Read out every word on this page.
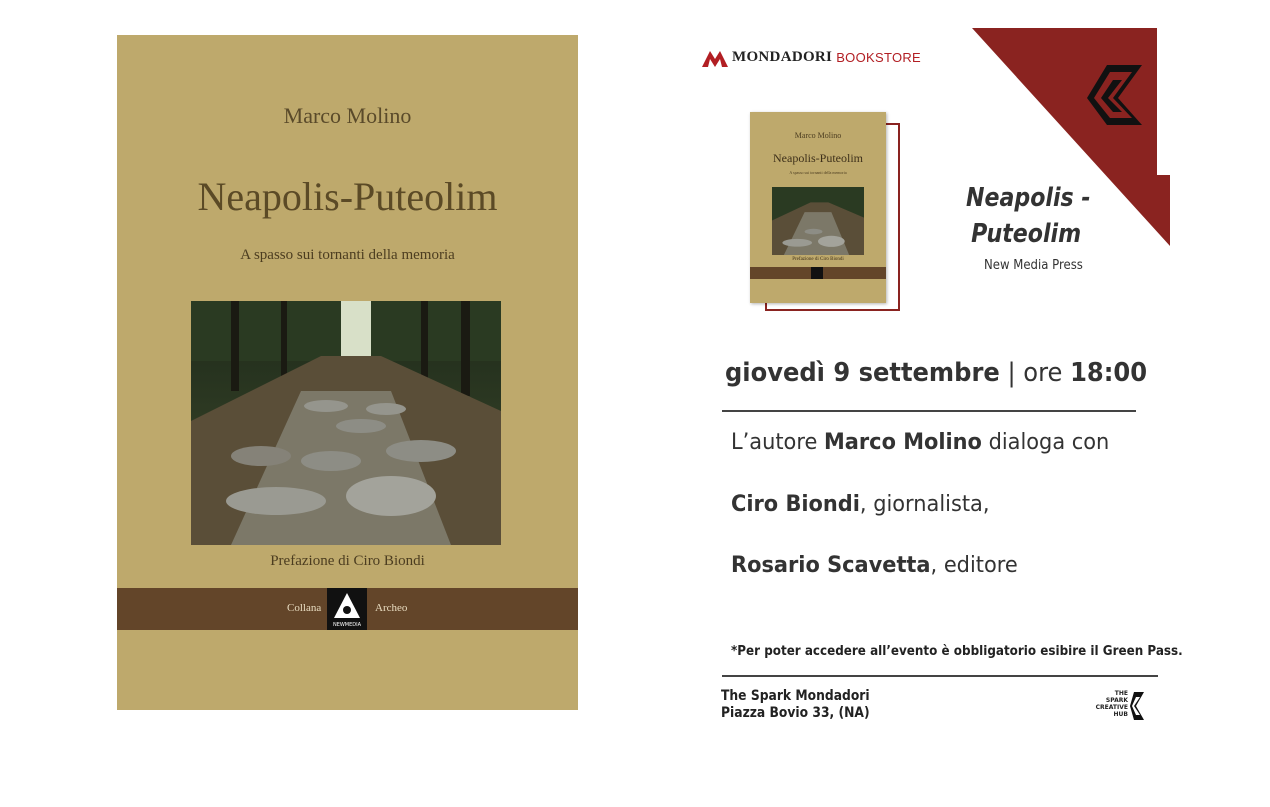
Marco Molino
Neapolis-Puteolim
A spasso sui tornanti della memoria
Prefazione di Ciro Biondi
Collana
NEWMEDIA
Archeo
MONDADORI BOOKSTORE
Marco Molino
Neapolis-Puteolim
A spasso sui tornanti della memoria
Prefazione di Ciro Biondi
Neapolis -
Puteolim
New Media Press
giovedì 9 settembre | ore 18:00
L’autore Marco Molino dialoga con
Ciro Biondi, giornalista,
Rosario Scavetta, editore
*Per poter accedere all’evento è obbligatorio esibire il Green Pass.
The Spark Mondadori
Piazza Bovio 33, (NA)
THE
SPARK
CREATIVE
HUB
